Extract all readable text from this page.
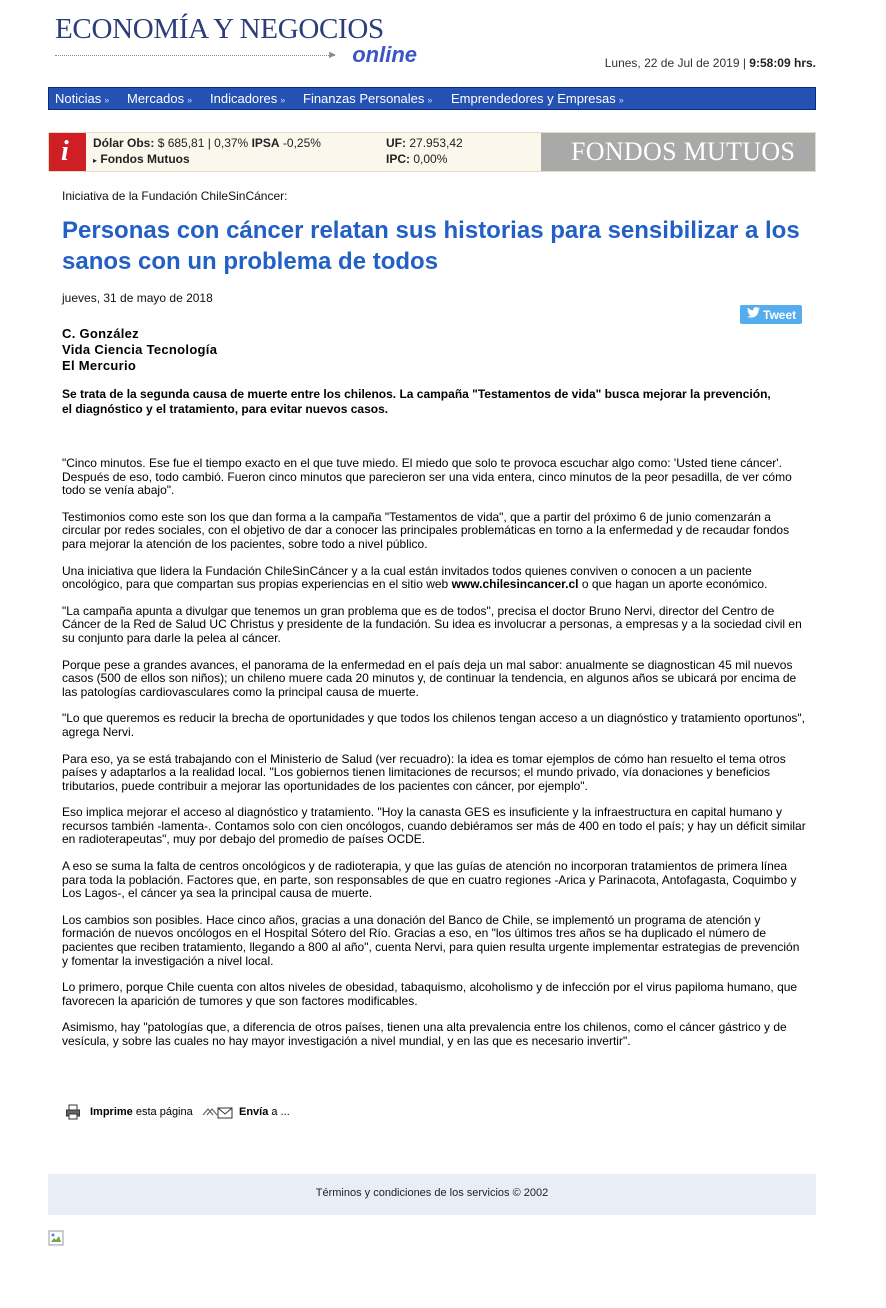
ECONOMÍA Y NEGOCIOS
► online	Lunes, 22 de Jul de 2019 | 9:58:09 hrs.
Noticias » Mercados » Indicadores » Finanzas Personales » Emprendedores y Empresas »
i Dólar Obs: $ 685,81 | 0,37% IPSA -0,25%
▸ Fondos Mutuos
UF: 27.953,42
IPC: 0,00%	FONDOS MUTUOS
Iniciativa de la Fundación ChileSinCáncer:
Personas con cáncer relatan sus historias para sensibilizar a los sanos con un problema de todos
jueves, 31 de mayo de 2018
Tweet
C. González
Vida Ciencia Tecnología
El Mercurio
Se trata de la segunda causa de muerte entre los chilenos. La campaña "Testamentos de vida" busca mejorar la prevención, el diagnóstico y el tratamiento, para evitar nuevos casos.

"Cinco minutos. Ese fue el tiempo exacto en el que tuve miedo. El miedo que solo te provoca escuchar algo como: 'Usted tiene cáncer'. Después de eso, todo cambió. Fueron cinco minutos que parecieron ser una vida entera, cinco minutos de la peor pesadilla, de ver cómo todo se venía abajo".

Testimonios como este son los que dan forma a la campaña "Testamentos de vida", que a partir del próximo 6 de junio comenzarán a circular por redes sociales, con el objetivo de dar a conocer las principales problemáticas en torno a la enfermedad y de recaudar fondos para mejorar la atención de los pacientes, sobre todo a nivel público.

Una iniciativa que lidera la Fundación ChileSinCáncer y a la cual están invitados todos quienes conviven o conocen a un paciente oncológico, para que compartan sus propias experiencias en el sitio web www.chilesincancer.cl o que hagan un aporte económico.

"La campaña apunta a divulgar que tenemos un gran problema que es de todos", precisa el doctor Bruno Nervi, director del Centro de Cáncer de la Red de Salud UC Christus y presidente de la fundación. Su idea es involucrar a personas, a empresas y a la sociedad civil en su conjunto para darle la pelea al cáncer.

Porque pese a grandes avances, el panorama de la enfermedad en el país deja un mal sabor: anualmente se diagnostican 45 mil nuevos casos (500 de ellos son niños); un chileno muere cada 20 minutos y, de continuar la tendencia, en algunos años se ubicará por encima de las patologías cardiovasculares como la principal causa de muerte.

"Lo que queremos es reducir la brecha de oportunidades y que todos los chilenos tengan acceso a un diagnóstico y tratamiento oportunos", agrega Nervi.

Para eso, ya se está trabajando con el Ministerio de Salud (ver recuadro): la idea es tomar ejemplos de cómo han resuelto el tema otros países y adaptarlos a la realidad local. "Los gobiernos tienen limitaciones de recursos; el mundo privado, vía donaciones y beneficios tributarios, puede contribuir a mejorar las oportunidades de los pacientes con cáncer, por ejemplo".

Eso implica mejorar el acceso al diagnóstico y tratamiento. "Hoy la canasta GES es insuficiente y la infraestructura en capital humano y recursos también -lamenta-. Contamos solo con cien oncólogos, cuando debiéramos ser más de 400 en todo el país; y hay un déficit similar en radioterapeutas", muy por debajo del promedio de países OCDE.

A eso se suma la falta de centros oncológicos y de radioterapia, y que las guías de atención no incorporan tratamientos de primera línea para toda la población. Factores que, en parte, son responsables de que en cuatro regiones -Arica y Parinacota, Antofagasta, Coquimbo y Los Lagos-, el cáncer ya sea la principal causa de muerte.

Los cambios son posibles. Hace cinco años, gracias a una donación del Banco de Chile, se implementó un programa de atención y formación de nuevos oncólogos en el Hospital Sótero del Río. Gracias a eso, en "los últimos tres años se ha duplicado el número de pacientes que reciben tratamiento, llegando a 800 al año", cuenta Nervi, para quien resulta urgente implementar estrategias de prevención y fomentar la investigación a nivel local.

Lo primero, porque Chile cuenta con altos niveles de obesidad, tabaquismo, alcoholismo y de infección por el virus papiloma humano, que favorecen la aparición de tumores y que son factores modificables.

Asimismo, hay "patologías que, a diferencia de otros países, tienen una alta prevalencia entre los chilenos, como el cáncer gástrico y de vesícula, y sobre las cuales no hay mayor investigación a nivel mundial, y en las que es necesario invertir".

Imprime esta página	Envía a ...
Términos y condiciones de los servicios © 2002
